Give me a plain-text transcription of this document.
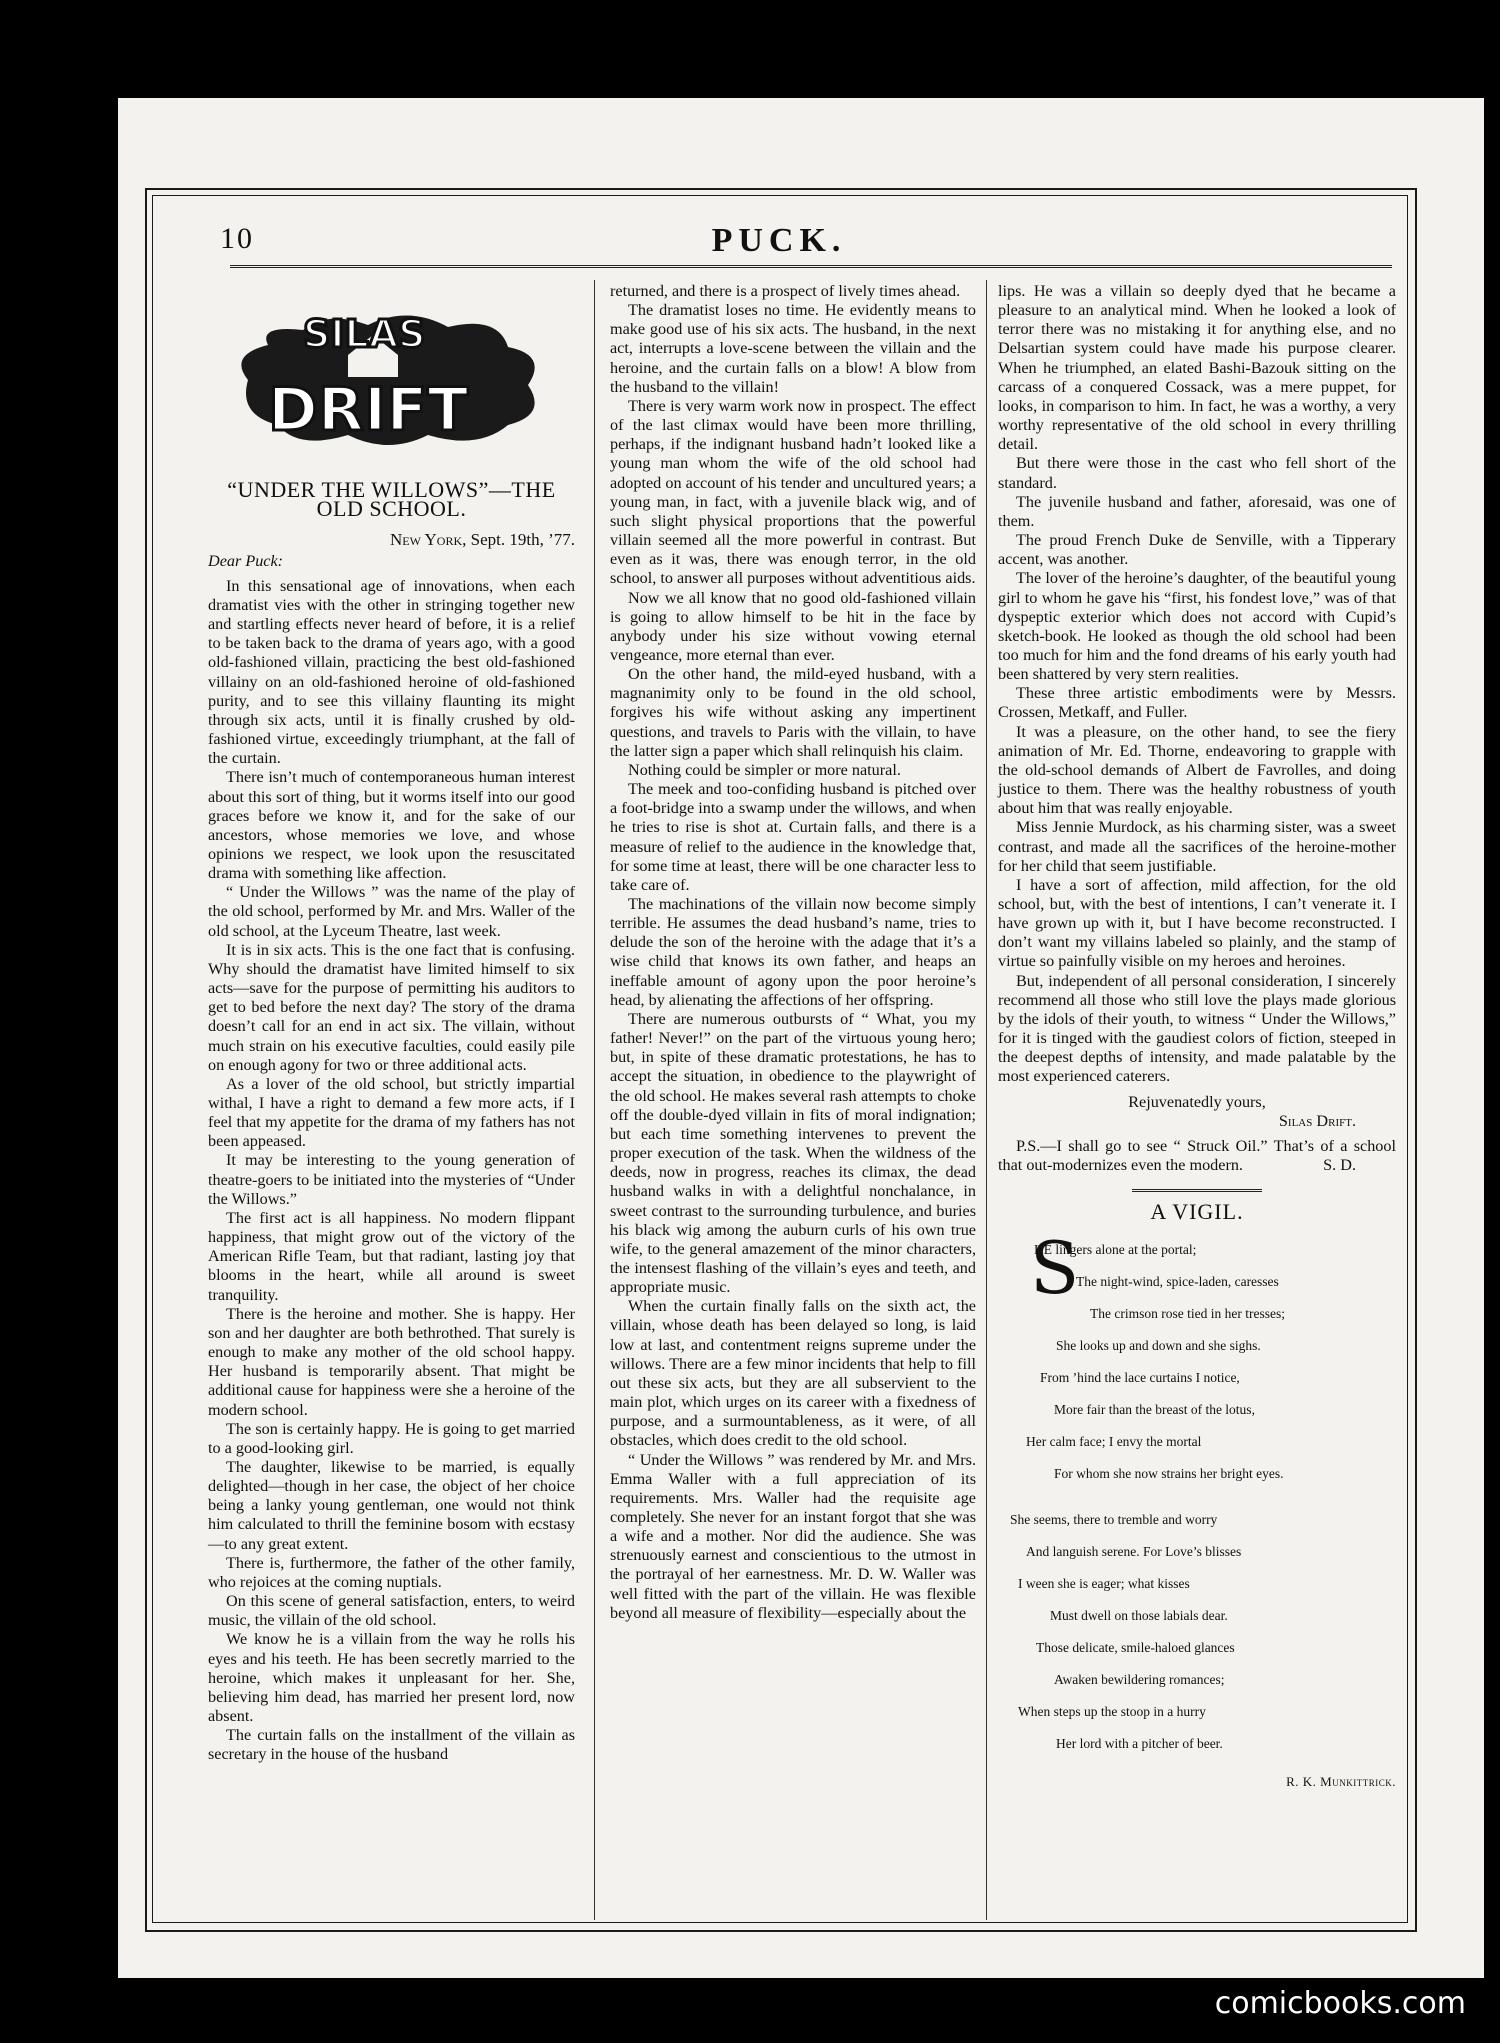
10	PUCK.
SILAS
DRIFT
“UNDER THE WILLOWS”—THE OLD SCHOOL.
New York, Sept. 19th, ’77.
Dear Puck:

In this sensational age of innovations, when each dramatist vies with the other in stringing together new and startling effects never heard of before, it is a relief to be taken back to the drama of years ago, with a good old-fashioned villain, practicing the best old-fashioned villainy on an old-fashioned heroine of old-fashioned purity, and to see this villainy flaunting its might through six acts, until it is finally crushed by old-fashioned virtue, exceedingly triumphant, at the fall of the curtain.

There isn’t much of contemporaneous human interest about this sort of thing, but it worms itself into our good graces before we know it, and for the sake of our ancestors, whose memories we love, and whose opinions we respect, we look upon the resuscitated drama with something like affection.

“ Under the Willows ” was the name of the play of the old school, performed by Mr. and Mrs. Waller of the old school, at the Lyceum Theatre, last week.

It is in six acts. This is the one fact that is confusing. Why should the dramatist have limited himself to six acts—save for the purpose of permitting his auditors to get to bed before the next day? The story of the drama doesn’t call for an end in act six. The villain, without much strain on his executive faculties, could easily pile on enough agony for two or three additional acts.

As a lover of the old school, but strictly impartial withal, I have a right to demand a few more acts, if I feel that my appetite for the drama of my fathers has not been appeased.

It may be interesting to the young generation of theatre-goers to be initiated into the mysteries of “Under the Willows.”

The first act is all happiness. No modern flippant happiness, that might grow out of the victory of the American Rifle Team, but that radiant, lasting joy that blooms in the heart, while all around is sweet tranquility.

There is the heroine and mother. She is happy. Her son and her daughter are both bethrothed. That surely is enough to make any mother of the old school happy. Her husband is temporarily absent. That might be additional cause for happiness were she a heroine of the modern school.

The son is certainly happy. He is going to get married to a good-looking girl.

The daughter, likewise to be married, is equally delighted—though in her case, the object of her choice being a lanky young gentleman, one would not think him calculated to thrill the feminine bosom with ecstasy—to any great extent.

There is, furthermore, the father of the other family, who rejoices at the coming nuptials.

On this scene of general satisfaction, enters, to weird music, the villain of the old school.

We know he is a villain from the way he rolls his eyes and his teeth. He has been secretly married to the heroine, which makes it unpleasant for her. She, believing him dead, has married her present lord, now absent.

The curtain falls on the installment of the villain as secretary in the house of the husband

returned, and there is a prospect of lively times ahead.

The dramatist loses no time. He evidently means to make good use of his six acts. The husband, in the next act, interrupts a love-scene between the villain and the heroine, and the curtain falls on a blow! A blow from the husband to the villain!

There is very warm work now in prospect. The effect of the last climax would have been more thrilling, perhaps, if the indignant husband hadn’t looked like a young man whom the wife of the old school had adopted on account of his tender and uncultured years; a young man, in fact, with a juvenile black wig, and of such slight physical proportions that the powerful villain seemed all the more powerful in contrast. But even as it was, there was enough terror, in the old school, to answer all purposes without adventitious aids.

Now we all know that no good old-fashioned villain is going to allow himself to be hit in the face by anybody under his size without vowing eternal vengeance, more eternal than ever.

On the other hand, the mild-eyed husband, with a magnanimity only to be found in the old school, forgives his wife without asking any impertinent questions, and travels to Paris with the villain, to have the latter sign a paper which shall relinquish his claim.

Nothing could be simpler or more natural.

The meek and too-confiding husband is pitched over a foot-bridge into a swamp under the willows, and when he tries to rise is shot at. Curtain falls, and there is a measure of relief to the audience in the knowledge that, for some time at least, there will be one character less to take care of.

The machinations of the villain now become simply terrible. He assumes the dead husband’s name, tries to delude the son of the heroine with the adage that it’s a wise child that knows its own father, and heaps an ineffable amount of agony upon the poor heroine’s head, by alienating the affections of her offspring.

There are numerous outbursts of “ What, you my father! Never!” on the part of the virtuous young hero; but, in spite of these dramatic protestations, he has to accept the situation, in obedience to the playwright of the old school. He makes several rash attempts to choke off the double-dyed villain in fits of moral indignation; but each time something intervenes to prevent the proper execution of the task. When the wildness of the deeds, now in progress, reaches its climax, the dead husband walks in with a delightful nonchalance, in sweet contrast to the surrounding turbulence, and buries his black wig among the auburn curls of his own true wife, to the general amazement of the minor characters, the intensest flashing of the villain’s eyes and teeth, and appropriate music.

When the curtain finally falls on the sixth act, the villain, whose death has been delayed so long, is laid low at last, and contentment reigns supreme under the willows. There are a few minor incidents that help to fill out these six acts, but they are all subservient to the main plot, which urges on its career with a fixedness of purpose, and a surmountableness, as it were, of all obstacles, which does credit to the old school.

“ Under the Willows ” was rendered by Mr. and Mrs. Emma Waller with a full appreciation of its requirements. Mrs. Waller had the requisite age completely. She never for an instant forgot that she was a wife and a mother. Nor did the audience. She was strenuously earnest and conscientious to the utmost in the portrayal of her earnestness. Mr. D. W. Waller was well fitted with the part of the villain. He was flexible beyond all measure of flexibility—especially about the

lips. He was a villain so deeply dyed that he became a pleasure to an analytical mind. When he looked a look of terror there was no mistaking it for anything else, and no Delsartian system could have made his purpose clearer. When he triumphed, an elated Bashi-Bazouk sitting on the carcass of a conquered Cossack, was a mere puppet, for looks, in comparison to him. In fact, he was a worthy, a very worthy representative of the old school in every thrilling detail.

But there were those in the cast who fell short of the standard.

The juvenile husband and father, aforesaid, was one of them.

The proud French Duke de Senville, with a Tipperary accent, was another.

The lover of the heroine’s daughter, of the beautiful young girl to whom he gave his “first, his fondest love,” was of that dyspeptic exterior which does not accord with Cupid’s sketch-book. He looked as though the old school had been too much for him and the fond dreams of his early youth had been shattered by very stern realities.

These three artistic embodiments were by Messrs. Crossen, Metkaff, and Fuller.

It was a pleasure, on the other hand, to see the fiery animation of Mr. Ed. Thorne, endeavoring to grapple with the old-school demands of Albert de Favrolles, and doing justice to them. There was the healthy robustness of youth about him that was really enjoyable.

Miss Jennie Murdock, as his charming sister, was a sweet contrast, and made all the sacrifices of the heroine-mother for her child that seem justifiable.

I have a sort of affection, mild affection, for the old school, but, with the best of intentions, I can’t venerate it. I have grown up with it, but I have become reconstructed. I don’t want my villains labeled so plainly, and the stamp of virtue so painfully visible on my heroes and heroines.

But, independent of all personal consideration, I sincerely recommend all those who still love the plays made glorious by the idols of their youth, to witness “ Under the Willows,” for it is tinged with the gaudiest colors of fiction, steeped in the deepest depths of intensity, and made palatable by the most experienced caterers.

Rejuvenatedly yours,
Silas Drift.

P.S.—I shall go to see “ Struck Oil.” That’s of a school that out-modernizes even the modern.	S. D.
A VIGIL.
S
HE lingers alone at the portal;
The night-wind, spice-laden, caresses
The crimson rose tied in her tresses;
She looks up and down and she sighs.
From ’hind the lace curtains I notice,
More fair than the breast of the lotus,
Her calm face; I envy the mortal
For whom she now strains her bright eyes.
She seems, there to tremble and worry
And languish serene. For Love’s blisses
I ween she is eager; what kisses
Must dwell on those labials dear.
Those delicate, smile-haloed glances
Awaken bewildering romances;
When steps up the stoop in a hurry
Her lord with a pitcher of beer.
R. K. Munkittrick.
comicbooks.com
